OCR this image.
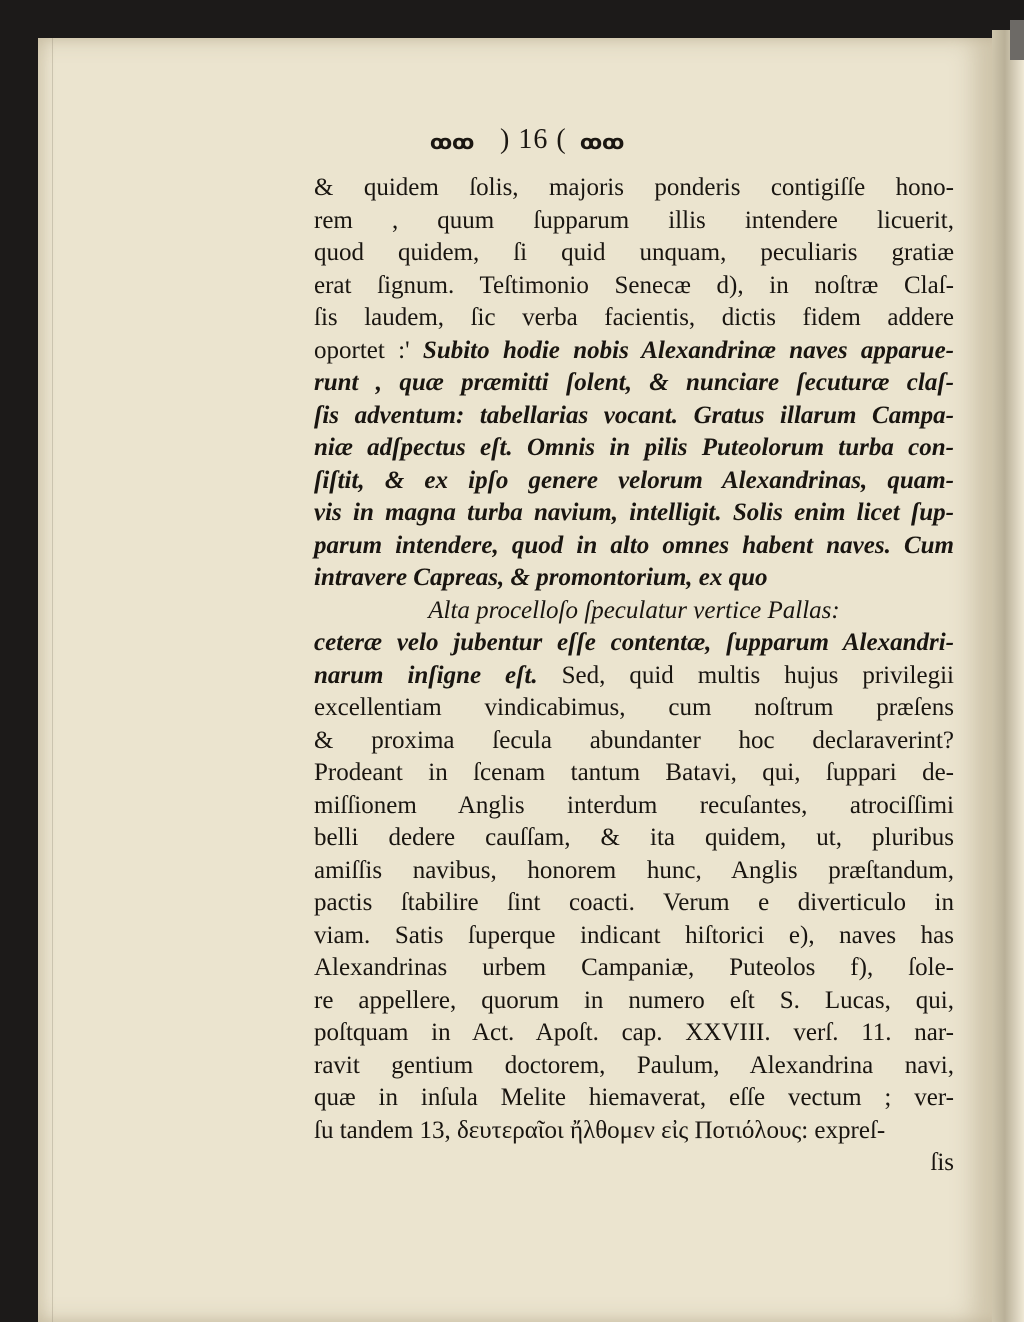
ꝏꝏ ) 16 ( ꝏꝏ
& quidem ſolis, majoris ponderis contigiſſe hono-
rem , quum ſupparum illis intendere licuerit,
quod quidem, ſi quid unquam, peculiaris gratiæ
erat ſignum. Teſtimonio Senecæ d), in noſtræ Claſ-
ſis laudem, ſic verba facientis, dictis fidem addere
oportet :' Subito hodie nobis Alexandrinæ naves apparue-
runt , quæ præmitti ſolent, & nunciare ſecuturæ claſ-
ſis adventum: tabellarias vocant. Gratus illarum Campa-
niæ adſpectus eſt. Omnis in pilis Puteolorum turba con-
ſiſtit, & ex ipſo genere velorum Alexandrinas, quam-
vis in magna turba navium, intelligit. Solis enim licet ſup-
parum intendere, quod in alto omnes habent naves. Cum
intravere Capreas, & promontorium, ex quo
Alta procelloſo ſpeculatur vertice Pallas:
ceteræ velo jubentur eſſe contentæ, ſupparum Alexandri-
narum inſigne eſt. Sed, quid multis hujus privilegii
excellentiam vindicabimus, cum noſtrum præſens
& proxima ſecula abundanter hoc declaraverint?
Prodeant in ſcenam tantum Batavi, qui, ſuppari de-
miſſionem Anglis interdum recuſantes, atrociſſimi
belli dedere cauſſam, & ita quidem, ut, pluribus
amiſſis navibus, honorem hunc, Anglis præſtandum,
pactis ſtabilire ſint coacti. Verum e diverticulo in
viam. Satis ſuperque indicant hiſtorici e), naves has
Alexandrinas urbem Campaniæ, Puteolos f), ſole-
re appellere, quorum in numero eſt S. Lucas, qui,
poſtquam in Act. Apoſt. cap. XXVIII. verſ. 11. nar-
ravit gentium doctorem, Paulum, Alexandrina navi,
quæ in inſula Melite hiemaverat, eſſe vectum ; ver-
ſu tandem 13, δευτεραῖοι ἤλθομεν εἰς Ποτιόλους: expreſ-
ſis
